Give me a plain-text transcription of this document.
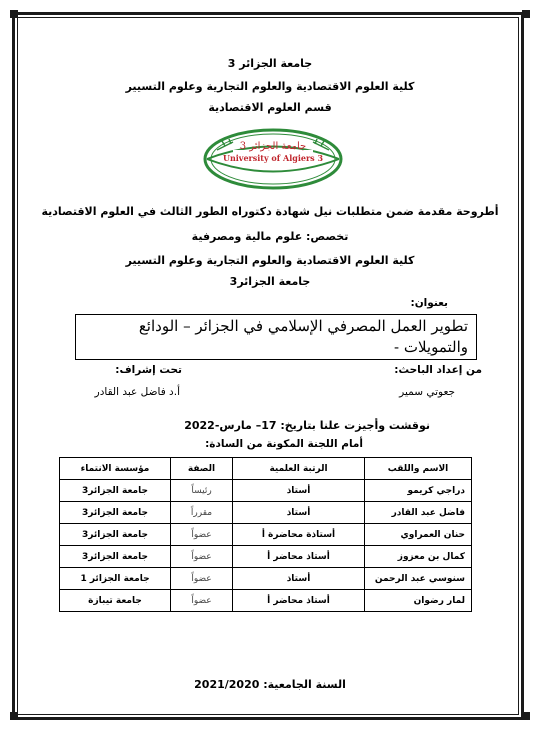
جامعة الجزائر 3
كلية العلوم الاقتصادية والعلوم التجارية وعلوم التسيير
قسم العلوم الاقتصادية
جامعة الجزائر 3
University of Algiers 3
أطروحة مقدمة ضمن متطلبات نيل شهادة دكتوراه الطور الثالث في العلوم الاقتصادية
تخصص: علوم مالية ومصرفية
كلية العلوم الاقتصادية والعلوم التجارية وعلوم التسيير
جامعة الجزائر3
بعنوان:
تطوير العمل المصرفي الإسلامي في الجزائر – الودائع
والتمويلات -
من إعداد الباحث:
تحت إشراف:
جعوتي سمير
أ.د فاضل عبد القادر
نوقشت وأجيزت علنا بتاريخ: 17– مارس-2022
أمام اللجنة المكونة من السادة:
الاسم واللقب	الرتبة العلمية	الصفة	مؤسسة الانتماء
دراجي كريمو	أستاذ	رئيساً	جامعة الجزائر3
فاضل عبد القادر	أستاذ	مقرراً	جامعة الجزائر3
حنان العمراوي	أستاذة محاضرة أ	عضواً	جامعة الجزائر3
كمال بن معزوز	أستاذ محاضر أ	عضواً	جامعة الجزائر3
سنوسي عبد الرحمن	أستاذ	عضواً	جامعة الجزائر 1
لمار رضوان	أستاذ محاضر أ	عضواً	جامعة تيبازة
السنة الجامعية: 2021/2020
